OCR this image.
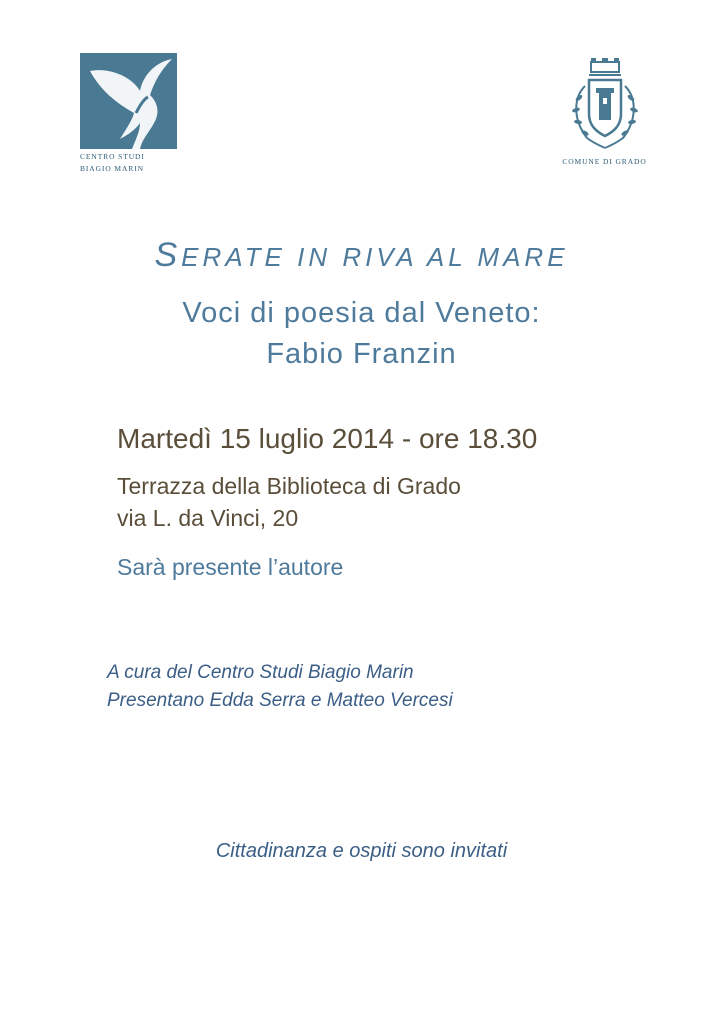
CENTRO STUDI
BIAGIO MARIN
COMUNE DI GRADO
SERATE IN RIVA AL MARE
Voci di poesia dal Veneto:
Fabio Franzin
Martedì 15 luglio 2014 - ore 18.30
Terrazza della Biblioteca di Grado
via L. da Vinci, 20
Sarà presente l’autore
A cura del Centro Studi Biagio Marin
Presentano Edda Serra e Matteo Vercesi
Cittadinanza e ospiti sono invitati
